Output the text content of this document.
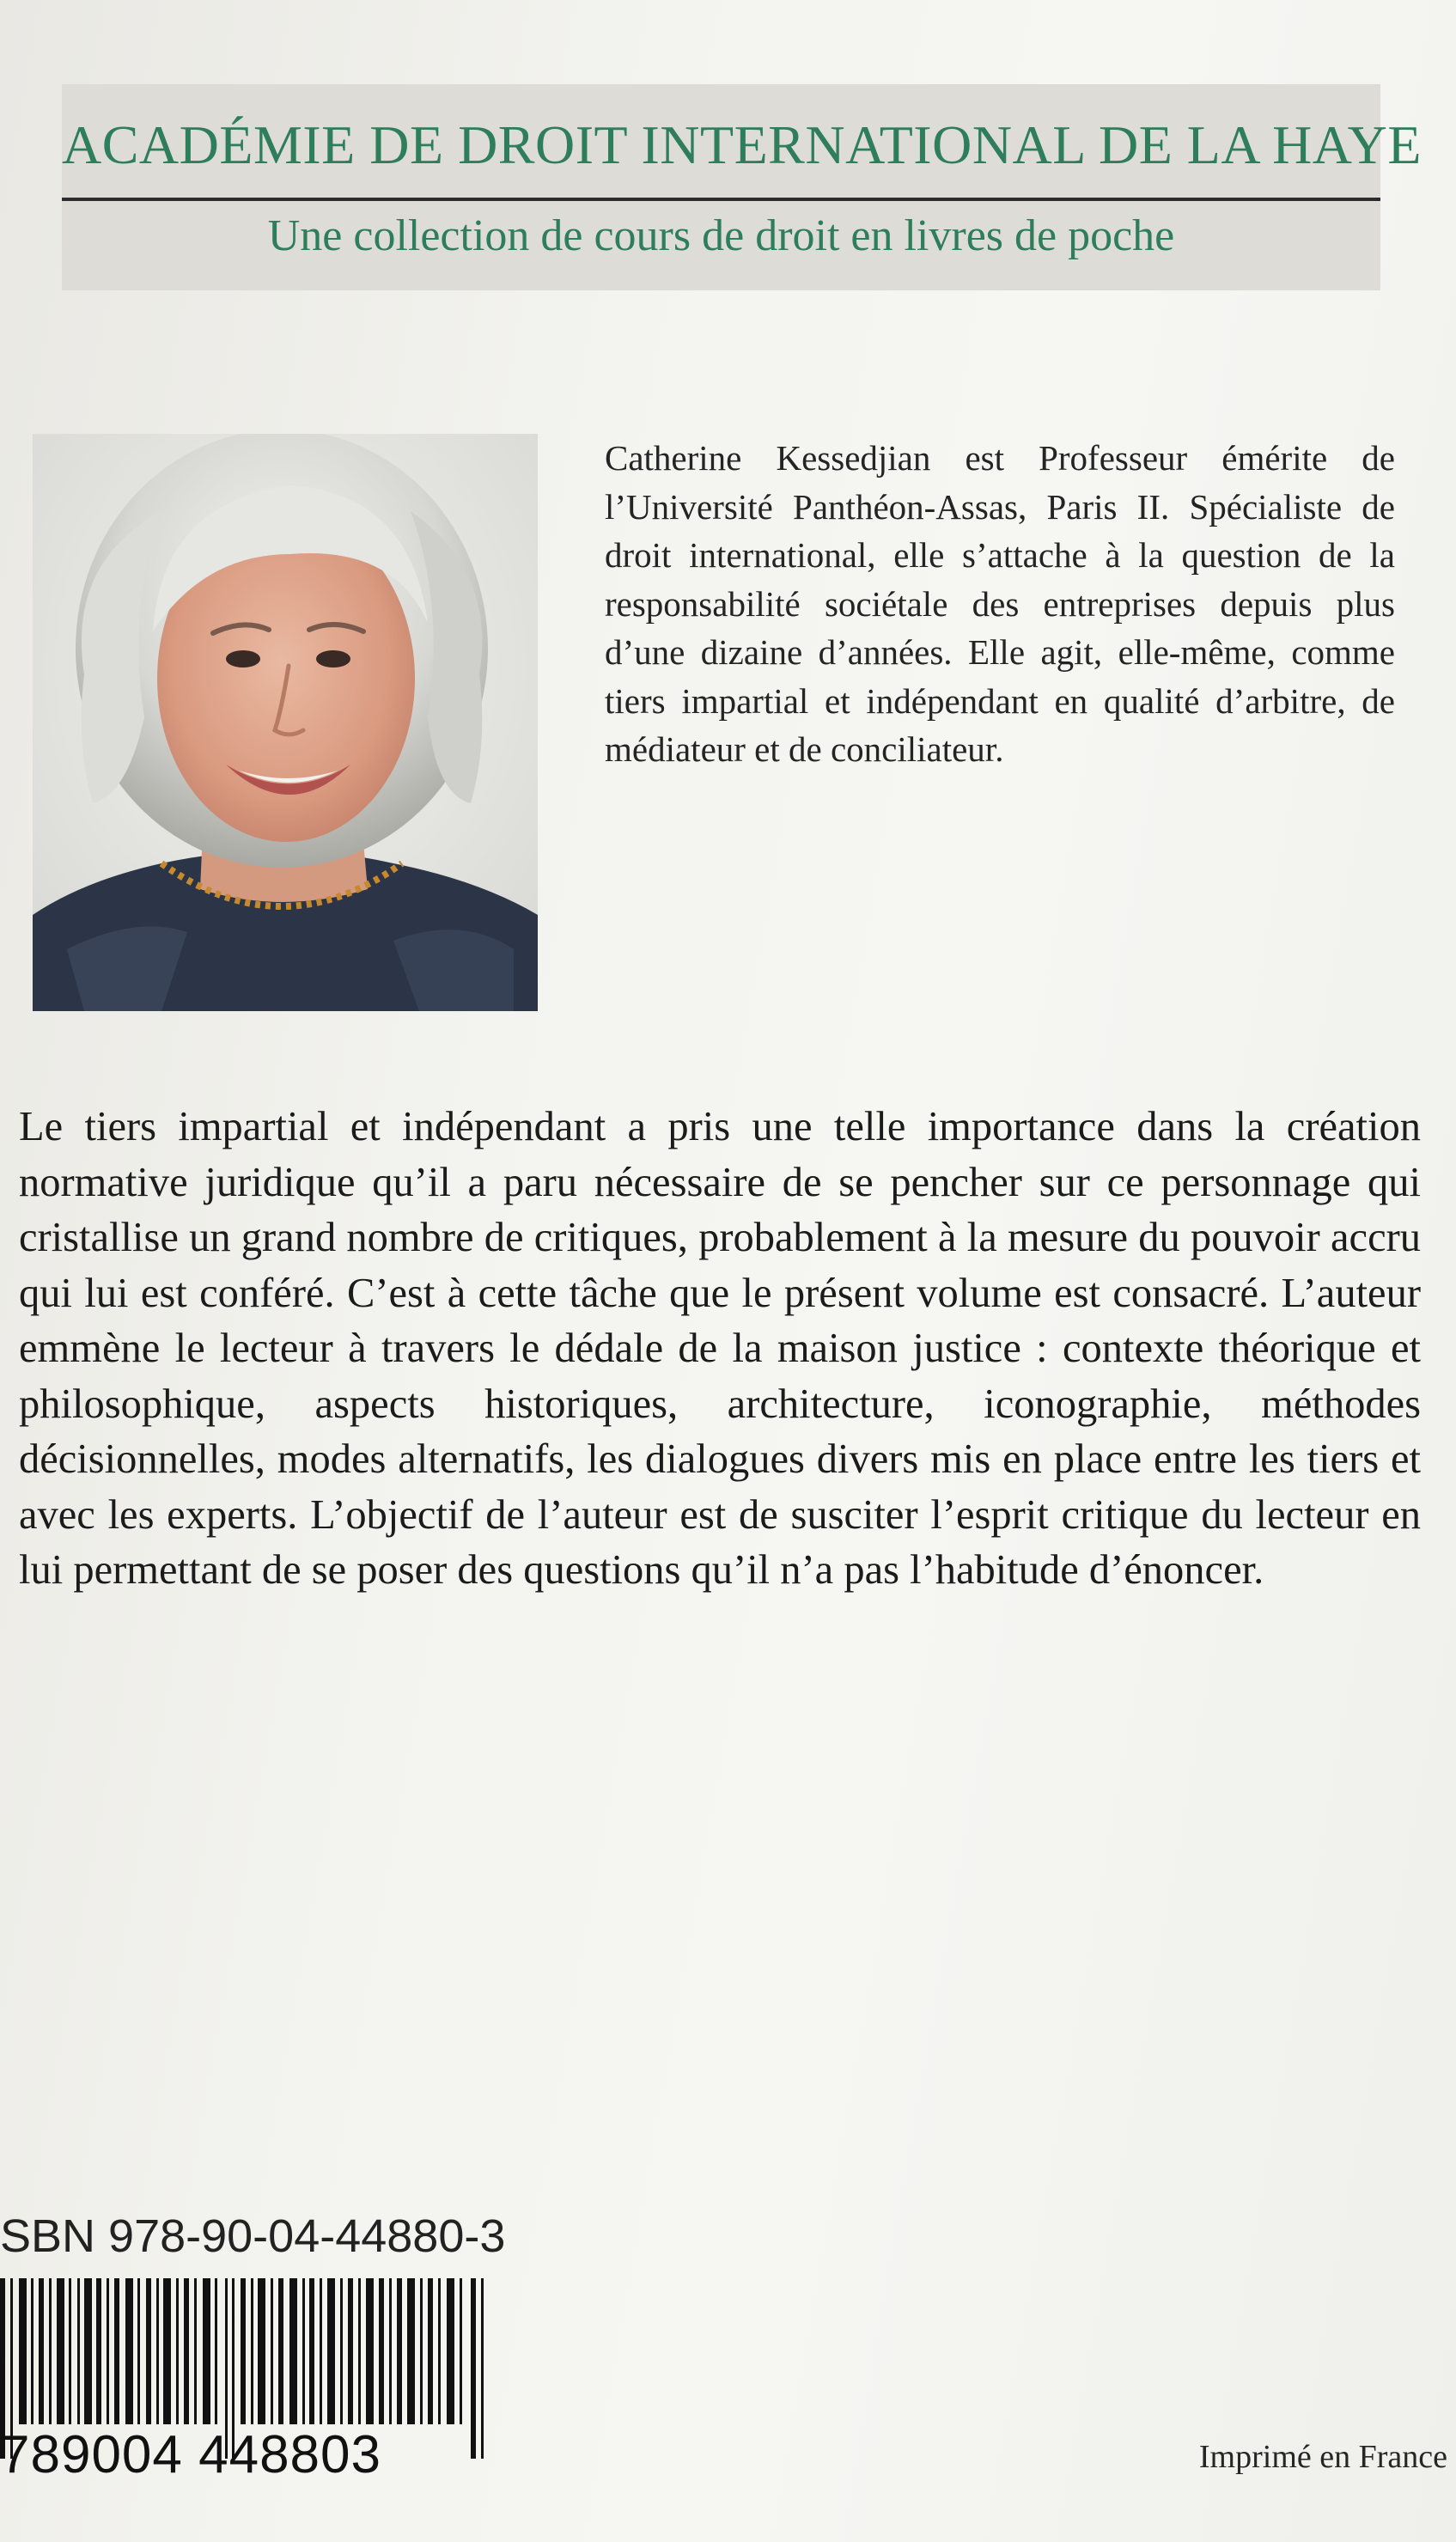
ACADÉMIE DE DROIT INTERNATIONAL DE LA HAYE
Une collection de cours de droit en livres de poche
Catherine Kessedjian est Professeur émérite de l’Université Panthéon-Assas, Paris II. Spécialiste de droit international, elle s’attache à la question de la responsabilité sociétale des entreprises depuis plus d’une dizaine d’années. Elle agit, elle-même, comme tiers impartial et indépendant en qualité d’arbitre, de médiateur et de conciliateur.
Le tiers impartial et indépendant a pris une telle importance dans la création normative juridique qu’il a paru nécessaire de se pencher sur ce personnage qui cristallise un grand nombre de critiques, probablement à la mesure du pouvoir accru qui lui est conféré. C’est à cette tâche que le présent volume est consacré. L’auteur emmène le lecteur à travers le dédale de la maison justice : contexte théorique et philosophique, aspects historiques, architecture, iconographie, méthodes décisionnelles, modes alternatifs, les dialogues divers mis en place entre les tiers et avec les experts. L’objectif de l’auteur est de susciter l’esprit critique du lecteur en lui permettant de se poser des questions qu’il n’a pas l’habitude d’énoncer.
SBN 978-90-04-44880-3
789004 448803	Imprimé en France
